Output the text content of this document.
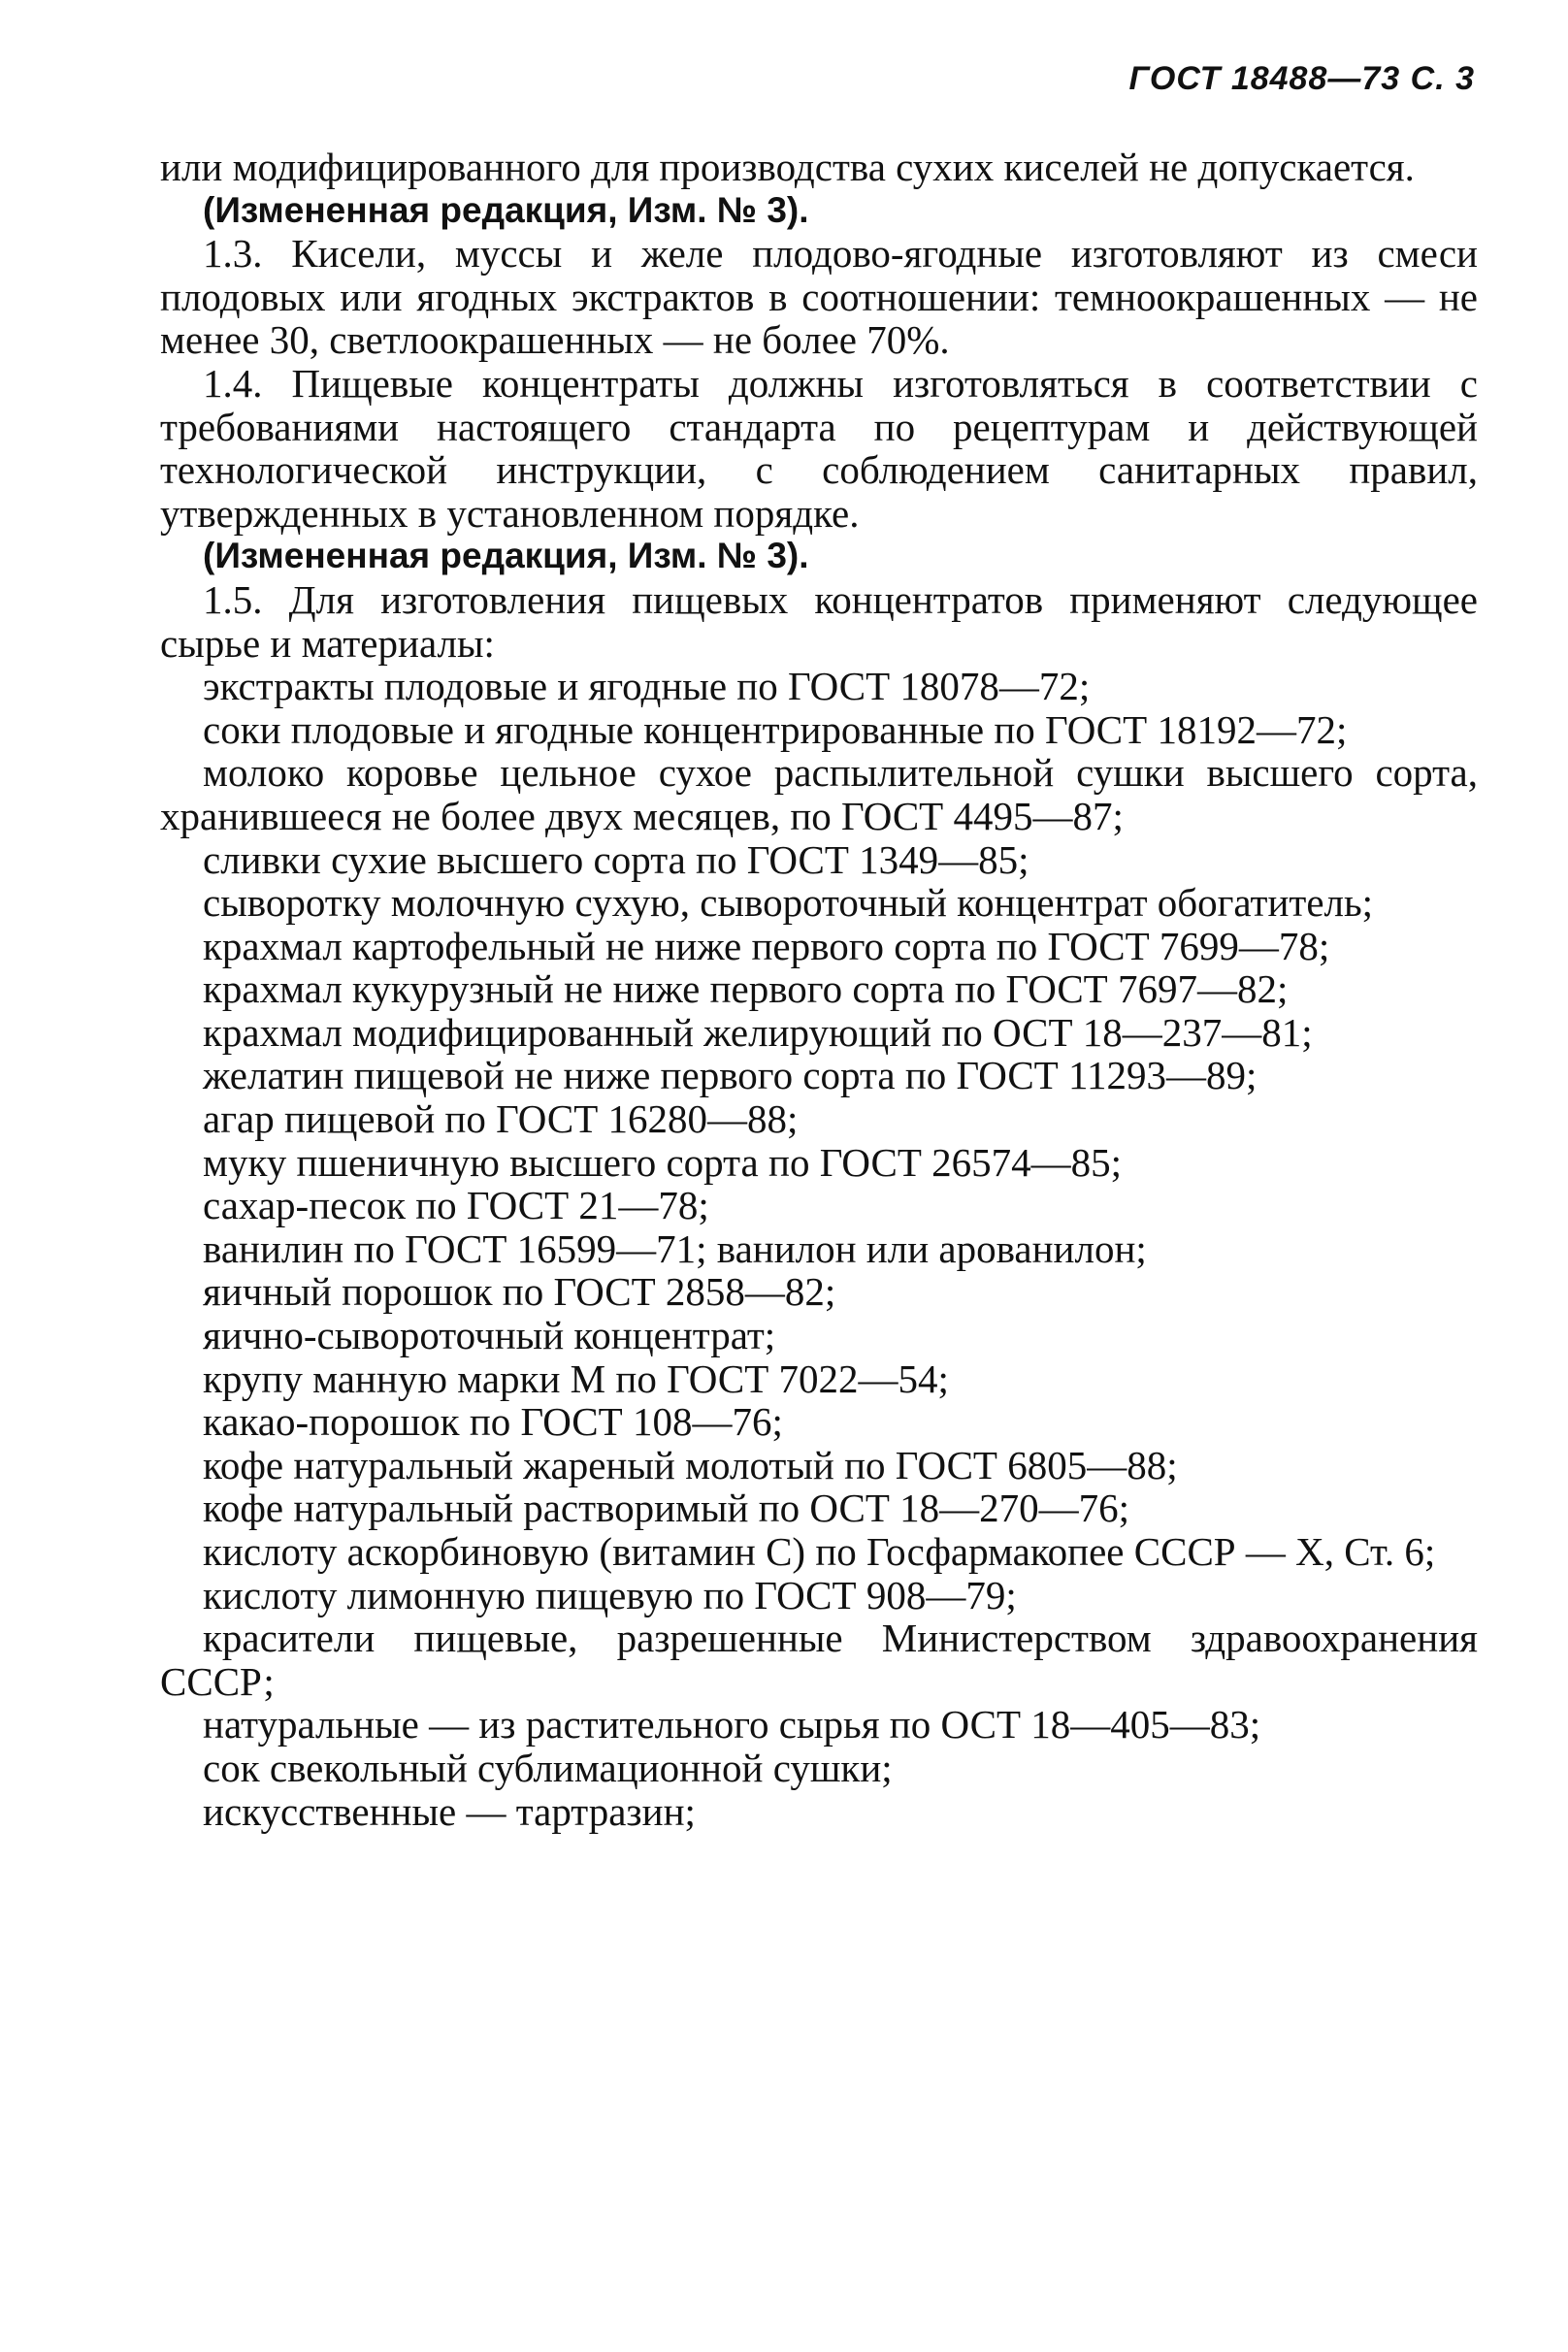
ГОСТ 18488—73 С. 3

или модифицированного для производства сухих киселей не допускается.

(Измененная редакция, Изм. № 3).

1.3. Кисели, муссы и желе плодово-ягодные изготовляют из смеси плодовых или ягодных экстрактов в соотношении: темноокрашенных — не менее 30, светлоокрашенных — не более 70%.

1.4. Пищевые концентраты должны изготовляться в соответствии с требованиями настоящего стандарта по рецептурам и действующей технологической инструкции, с соблюдением санитарных правил, утвержденных в установленном порядке.

(Измененная редакция, Изм. № 3).

1.5. Для изготовления пищевых концентратов применяют следующее сырье и материалы:

экстракты плодовые и ягодные по ГОСТ 18078—72;

соки плодовые и ягодные концентрированные по ГОСТ 18192—72;

молоко коровье цельное сухое распылительной сушки высшего сорта, хранившееся не более двух месяцев, по ГОСТ 4495—87;

сливки сухие высшего сорта по ГОСТ 1349—85;

сыворотку молочную сухую, сывороточный концентрат обогатитель;

крахмал картофельный не ниже первого сорта по ГОСТ 7699—78;

крахмал кукурузный не ниже первого сорта по ГОСТ 7697—82;

крахмал модифицированный желирующий по ОСТ 18—237—81;

желатин пищевой не ниже первого сорта по ГОСТ 11293—89;

агар пищевой по ГОСТ 16280—88;

муку пшеничную высшего сорта по ГОСТ 26574—85;

сахар-песок по ГОСТ 21—78;

ванилин по ГОСТ 16599—71; ванилон или арованилон;

яичный порошок по ГОСТ 2858—82;

яично-сывороточный концентрат;

крупу манную марки М по ГОСТ 7022—54;

какао-порошок по ГОСТ 108—76;

кофе натуральный жареный молотый по ГОСТ 6805—88;

кофе натуральный растворимый по ОСТ 18—270—76;

кислоту аскорбиновую (витамин С) по Госфармакопее СССР — X, Ст. 6;

кислоту лимонную пищевую по ГОСТ 908—79;

красители пищевые, разрешенные Министерством здравоохранения СССР;

натуральные — из растительного сырья по ОСТ 18—405—83;

сок свекольный сублимационной сушки;

искусственные — тартразин;
